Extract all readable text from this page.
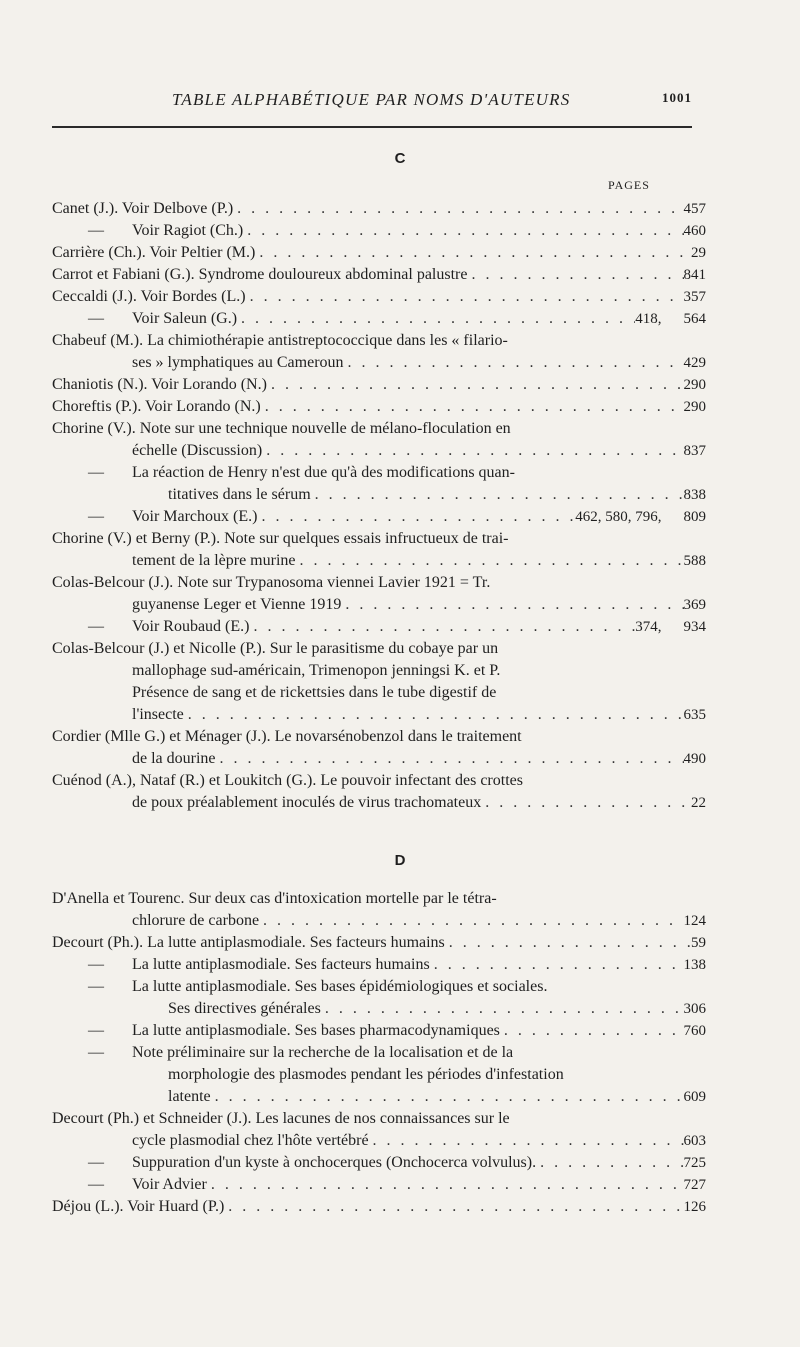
TABLE ALPHABÉTIQUE PAR NOMS D'AUTEURS	1001
C
PAGES
Canet (J.). Voir Delbove (P.) . . .	457
— Voir Ragiot (Ch.) . . .	460
Carrière (Ch.). Voir Peltier (M.) . . .	29
Carrot et Fabiani (G.). Syndrome douloureux abdominal palustre . . .	841
Ceccaldi (J.). Voir Bordes (L.) . . .	357
— Voir Saleun (G.) . . .	418, 564
Chabeuf (M.). La chimiothérapie antistreptococcique dans les « filario-
ses » lymphatiques au Cameroun . . .	429
Chaniotis (N.). Voir Lorando (N.) . . .	290
Choreftis (P.). Voir Lorando (N.) . . .	290
Chorine (V.). Note sur une technique nouvelle de mélano-floculation en
échelle (Discussion) . . .	837
— La réaction de Henry n'est due qu'à des modifications quan-
titatives dans le sérum . . .	838
— Voir Marchoux (E.) . . .	462, 580, 796, 809
Chorine (V.) et Berny (P.). Note sur quelques essais infructueux de trai-
tement de la lèpre murine . . .	588
Colas-Belcour (J.). Note sur Trypanosoma viennei Lavier 1921 = Tr.
guyanense Leger et Vienne 1919 . . .	369
— Voir Roubaud (E.) . . .	374, 934
Colas-Belcour (J.) et Nicolle (P.). Sur le parasitisme du cobaye par un
mallophage sud-américain, Trimenopon jenningsi K. et P.
Présence de sang et de rickettsies dans le tube digestif de
l'insecte . . .	635
Cordier (Mlle G.) et Ménager (J.). Le novarsénobenzol dans le traitement
de la dourine . . .	490
Cuénod (A.), Nataf (R.) et Loukitch (G.). Le pouvoir infectant des crottes
de poux préalablement inoculés de virus trachomateux . . .	22
D
D'Anella et Tourenc. Sur deux cas d'intoxication mortelle par le tétra-
chlorure de carbone . . .	124
Decourt (Ph.). La lutte antiplasmodiale. Ses facteurs humains . . .	59
— La lutte antiplasmodiale. Ses facteurs humains . . .	138
— La lutte antiplasmodiale. Ses bases épidémiologiques et sociales.
Ses directives générales . . .	306
— La lutte antiplasmodiale. Ses bases pharmacodynamiques . . .	760
— Note préliminaire sur la recherche de la localisation et de la
morphologie des plasmodes pendant les périodes d'infestation
latente . . .	609
Decourt (Ph.) et Schneider (J.). Les lacunes de nos connaissances sur le
cycle plasmodial chez l'hôte vertébré . . .	603
— Suppuration d'un kyste à onchocerques (Onchocerca volvulus). . . .	725
— Voir Advier . . .	727
Déjou (L.). Voir Huard (P.) . . .	126
